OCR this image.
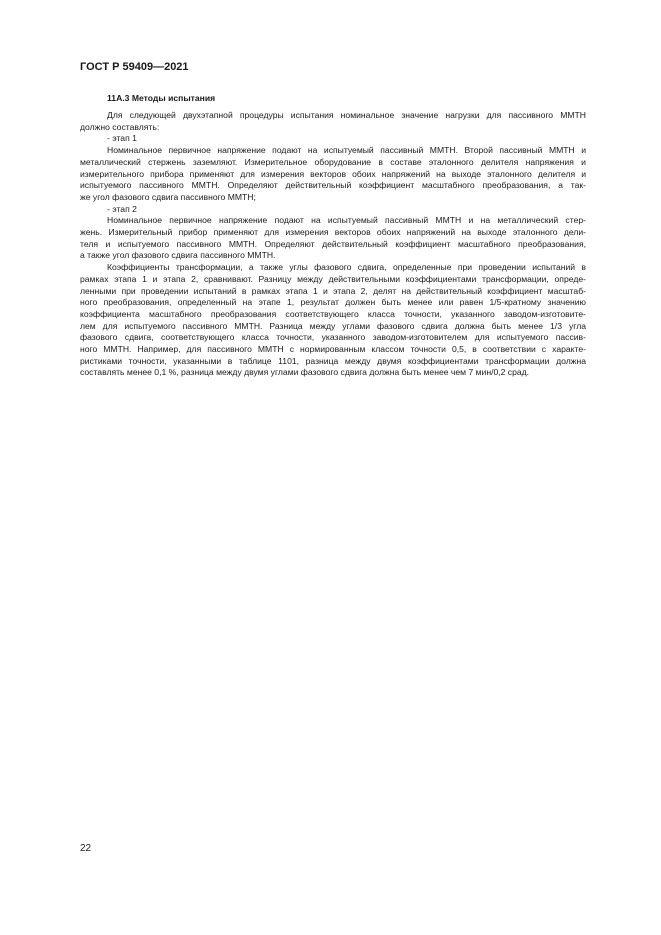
ГОСТ Р 59409—2021
11А.3 Методы испытания
Для следующей двухэтапной процедуры испытания номинальное значение нагрузки для пассивного ММТН
должно составлять:
- этап 1
Номинальное первичное напряжение подают на испытуемый пассивный ММТН. Второй пассивный ММТН и
металлический стержень заземляют. Измерительное оборудование в составе эталонного делителя напряжения и
измерительного прибора применяют для измерения векторов обоих напряжений на выходе эталонного делителя и
испытуемого пассивного ММТН. Определяют действительный коэффициент масштабного преобразования, а так-
же угол фазового сдвига пассивного ММТН;
- этап 2
Номинальное первичное напряжение подают на испытуемый пассивный ММТН и на металлический стер-
жень. Измерительный прибор применяют для измерения векторов обоих напряжений на выходе эталонного дели-
теля и испытуемого пассивного ММТН. Определяют действительный коэффициент масштабного преобразования,
а также угол фазового сдвига пассивного ММТН.
Коэффициенты трансформации, а также углы фазового сдвига, определенные при проведении испытаний в
рамках этапа 1 и этапа 2, сравнивают. Разницу между действительными коэффициентами трансформации, опреде-
ленными при проведении испытаний в рамках этапа 1 и этапа 2, делят на действительный коэффициент масштаб-
ного преобразования, определенный на этапе 1, результат должен быть менее или равен 1/5-кратному значению
коэффициента масштабного преобразования соответствующего класса точности, указанного заводом-изготовите-
лем для испытуемого пассивного ММТН. Разница между углами фазового сдвига должна быть менее 1/3 угла
фазового сдвига, соответствующего класса точности, указанного заводом-изготовителем для испытуемого пассив-
ного ММТН. Например, для пассивного ММТН с нормированным классом точности 0,5, в соответствии с характе-
ристиками точности, указанными в таблице 1101, разница между двумя коэффициентами трансформации должна
составлять менее 0,1 %, разница между двумя углами фазового сдвига должна быть менее чем 7 мин/0,2 срад.
22
